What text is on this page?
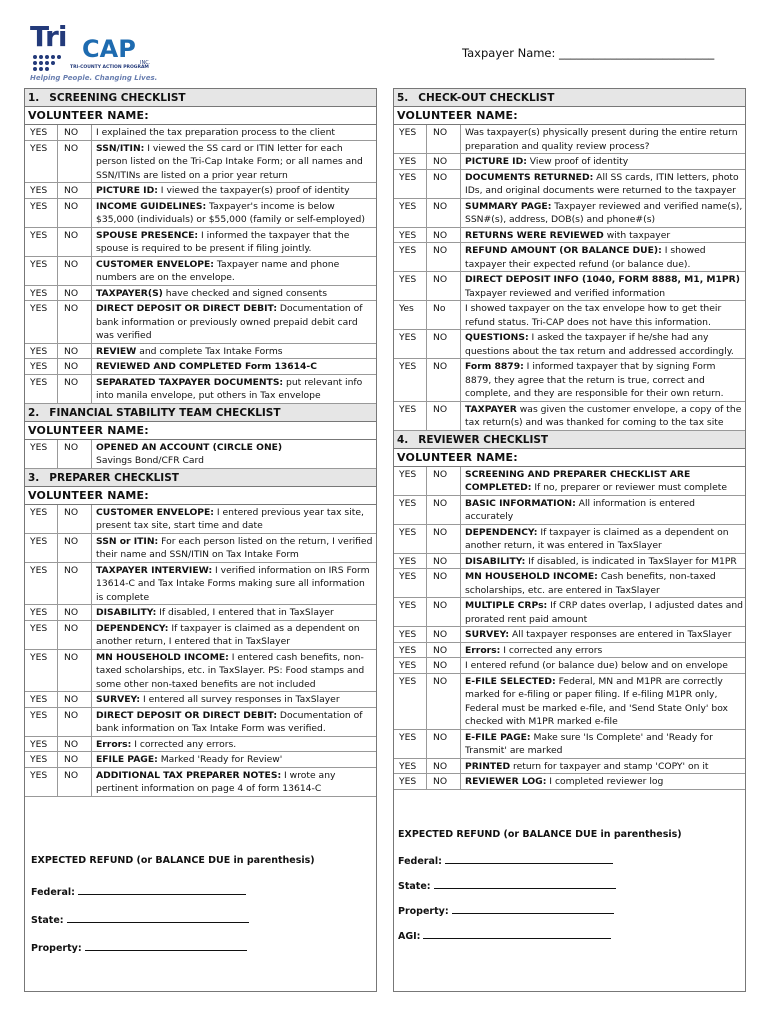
Tri CAP INC.
TRI-COUNTY ACTION PROGRAM
Helping People. Changing Lives.
Taxpayer Name: ___________________________
1. SCREENING CHECKLIST
VOLUNTEER NAME:
YES	NO	I explained the tax preparation process to the client
YES	NO	SSN/ITIN: I viewed the SS card or ITIN letter for each person listed on the Tri-Cap Intake Form; or all names and SSN/ITINs are listed on a prior year return
YES	NO	PICTURE ID: I viewed the taxpayer(s) proof of identity
YES	NO	INCOME GUIDELINES: Taxpayer's income is below $35,000 (individuals) or $55,000 (family or self-employed)
YES	NO	SPOUSE PRESENCE: I informed the taxpayer that the spouse is required to be present if filing jointly.
YES	NO	CUSTOMER ENVELOPE: Taxpayer name and phone numbers are on the envelope.
YES	NO	TAXPAYER(S) have checked and signed consents
YES	NO	DIRECT DEPOSIT OR DIRECT DEBIT: Documentation of bank information or previously owned prepaid debit card was verified
YES	NO	REVIEW and complete Tax Intake Forms
YES	NO	REVIEWED AND COMPLETED Form 13614-C
YES	NO	SEPARATED TAXPAYER DOCUMENTS: put relevant info into manila envelope, put others in Tax envelope
2. FINANCIAL STABILITY TEAM CHECKLIST
VOLUNTEER NAME:
YES	NO	OPENED AN ACCOUNT (CIRCLE ONE)
Savings Bond/CFR Card
3. PREPARER CHECKLIST
VOLUNTEER NAME:
YES	NO	CUSTOMER ENVELOPE: I entered previous year tax site, present tax site, start time and date
YES	NO	SSN or ITIN: For each person listed on the return, I verified their name and SSN/ITIN on Tax Intake Form
YES	NO	TAXPAYER INTERVIEW: I verified information on IRS Form 13614-C and Tax Intake Forms making sure all information is complete
YES	NO	DISABILITY: If disabled, I entered that in TaxSlayer
YES	NO	DEPENDENCY: If taxpayer is claimed as a dependent on another return, I entered that in TaxSlayer
YES	NO	MN HOUSEHOLD INCOME: I entered cash benefits, non-taxed scholarships, etc. in TaxSlayer. PS: Food stamps and some other non-taxed benefits are not included
YES	NO	SURVEY: I entered all survey responses in TaxSlayer
YES	NO	DIRECT DEPOSIT OR DIRECT DEBIT: Documentation of bank information on Tax Intake Form was verified.
YES	NO	Errors: I corrected any errors.
YES	NO	EFILE PAGE: Marked 'Ready for Review'
YES	NO	ADDITIONAL TAX PREPARER NOTES: I wrote any pertinent information on page 4 of form 13614-C
EXPECTED REFUND (or BALANCE DUE in parenthesis)
Federal:
State:
Property:
5. CHECK-OUT CHECKLIST
VOLUNTEER NAME:
YES	NO	Was taxpayer(s) physically present during the entire return preparation and quality review process?
YES	NO	PICTURE ID: View proof of identity
YES	NO	DOCUMENTS RETURNED: All SS cards, ITIN letters, photo IDs, and original documents were returned to the taxpayer
YES	NO	SUMMARY PAGE: Taxpayer reviewed and verified name(s), SSN#(s), address, DOB(s) and phone#(s)
YES	NO	RETURNS WERE REVIEWED with taxpayer
YES	NO	REFUND AMOUNT (OR BALANCE DUE): I showed taxpayer their expected refund (or balance due).
YES	NO	DIRECT DEPOSIT INFO (1040, FORM 8888, M1, M1PR) Taxpayer reviewed and verified information
Yes	No	I showed taxpayer on the tax envelope how to get their refund status. Tri-CAP does not have this information.
YES	NO	QUESTIONS: I asked the taxpayer if he/she had any questions about the tax return and addressed accordingly.
YES	NO	Form 8879: I informed taxpayer that by signing Form 8879, they agree that the return is true, correct and complete, and they are responsible for their own return.
YES	NO	TAXPAYER was given the customer envelope, a copy of the tax return(s) and was thanked for coming to the tax site
4. REVIEWER CHECKLIST
VOLUNTEER NAME:
YES	NO	SCREENING AND PREPARER CHECKLIST ARE COMPLETED: If no, preparer or reviewer must complete
YES	NO	BASIC INFORMATION: All information is entered accurately
YES	NO	DEPENDENCY: If taxpayer is claimed as a dependent on another return, it was entered in TaxSlayer
YES	NO	DISABILITY: If disabled, is indicated in TaxSlayer for M1PR
YES	NO	MN HOUSEHOLD INCOME: Cash benefits, non-taxed scholarships, etc. are entered in TaxSlayer
YES	NO	MULTIPLE CRPs: If CRP dates overlap, I adjusted dates and prorated rent paid amount
YES	NO	SURVEY: All taxpayer responses are entered in TaxSlayer
YES	NO	Errors: I corrected any errors
YES	NO	I entered refund (or balance due) below and on envelope
YES	NO	E-FILE SELECTED: Federal, MN and M1PR are correctly marked for e-filing or paper filing. If e-filing M1PR only, Federal must be marked e-file, and 'Send State Only' box checked with M1PR marked e-file
YES	NO	E-FILE PAGE: Make sure 'Is Complete' and 'Ready for Transmit' are marked
YES	NO	PRINTED return for taxpayer and stamp 'COPY' on it
YES	NO	REVIEWER LOG: I completed reviewer log
EXPECTED REFUND (or BALANCE DUE in parenthesis)
Federal:
State:
Property:
AGI:
